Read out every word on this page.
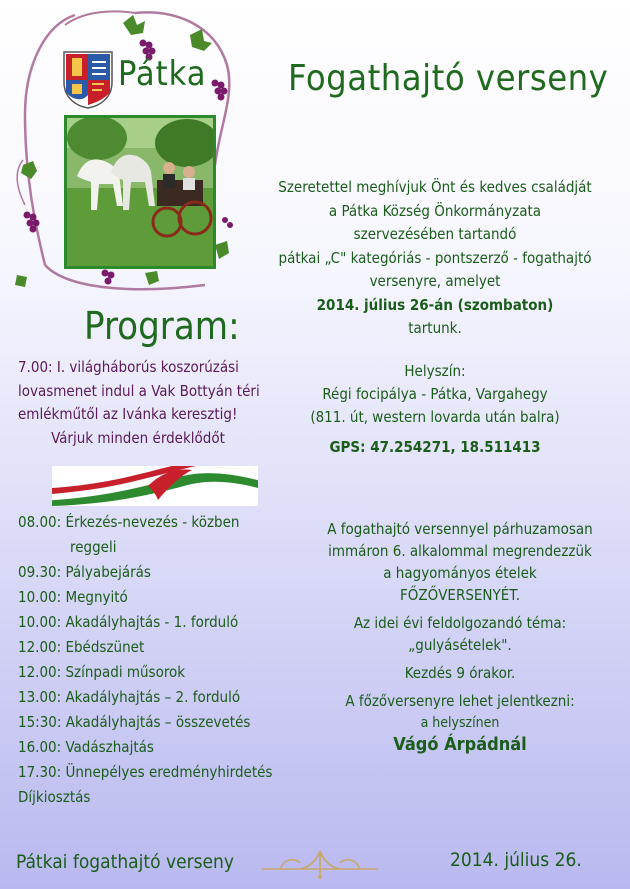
Pátka Fogathajtó verseny
Szeretettel meghívjuk Önt és kedves családját
a Pátka Község Önkormányzata
szervezésében tartandó
pátkai „C" kategóriás - pontszerző - fogathajtó
versenyre, amelyet
2014. július 26-án (szombaton)
tartunk.
Helyszín:
Régi focipálya - Pátka, Vargahegy
(811. út, western lovarda után balra)
GPS: 47.254271, 18.511413
Program:
7.00: I. világháborús koszorúzási
lovasmenet indul a Vak Bottyán téri
emlékműtől az Ivánka keresztig!
Várjuk minden érdeklődőt
08.00: Érkezés-nevezés - közben
reggeli
09.30: Pályabejárás
10.00: Megnyitó
10.00: Akadályhajtás - 1. forduló
12.00: Ebédszünet
12.00: Színpadi műsorok
13.00: Akadályhajtás – 2. forduló
15:30: Akadályhajtás – összevetés
16.00: Vadászhajtás
17.30: Ünnepélyes eredményhirdetés
Díjkiosztás
A fogathajtó versennyel párhuzamosan
immáron 6. alkalommal megrendezzük
a hagyományos ételek
FŐZŐVERSENYÉT.
Az idei évi feldolgozandó téma:
„gulyásételek".
Kezdés 9 órakor.
A főzőversenyre lehet jelentkezni:
a helyszínen
Vágó Árpádnál
Pátkai fogathajtó verseny	2014. július 26.
